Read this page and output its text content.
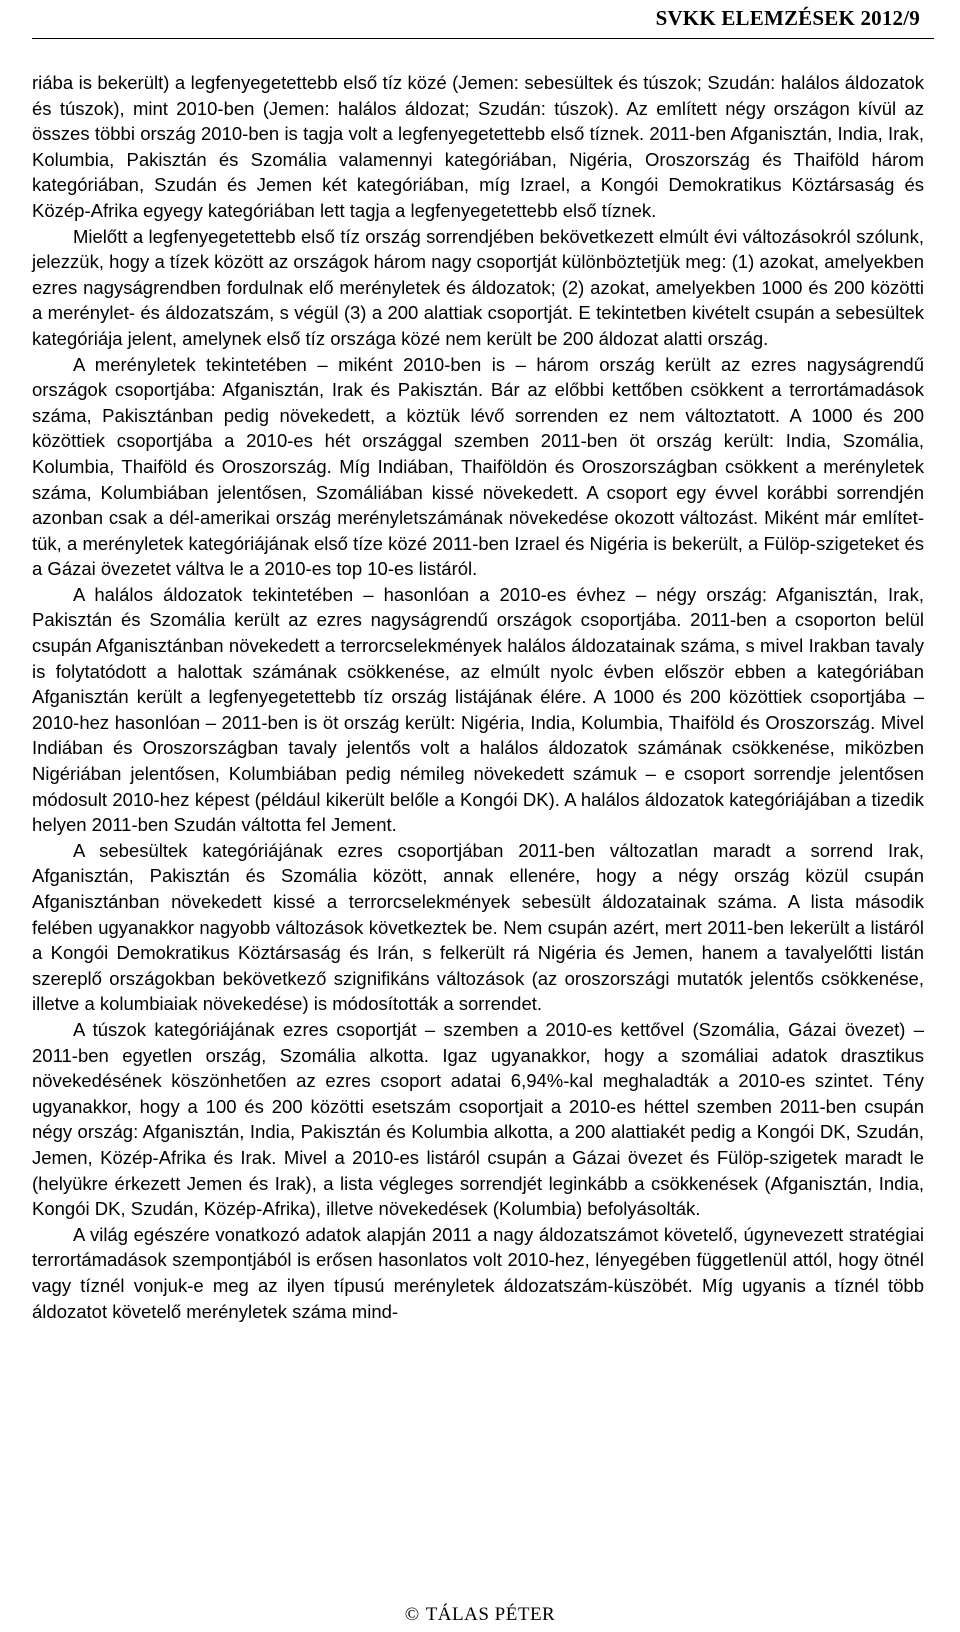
SVKK ELEMZÉSEK 2012/9

riába is bekerült) a legfenyegetettebb első tíz közé (Jemen: sebesültek és túszok; Szudán: halálos áldozatok és túszok), mint 2010-ben (Jemen: halálos áldozat; Szudán: túszok). Az említett négy országon kívül az összes többi ország 2010-ben is tagja volt a legfenyegetettebb első tíznek. 2011-ben Afganisztán, India, Irak, Kolumbia, Pakisztán és Szomália valamennyi kategóriában, Nigéria, Oroszország és Thaiföld három kategóriában, Szudán és Jemen két kategóriában, míg Izrael, a Kongói Demokratikus Köztársaság és Közép-Afrika egyegy kategóriában lett tagja a legfenyegetettebb első tíznek.

Mielőtt a legfenyegetettebb első tíz ország sorrendjében bekövetkezett elmúlt évi változásokról szólunk, jelezzük, hogy a tízek között az országok három nagy csoportját különböztetjük meg: (1) azokat, amelyekben ezres nagyságrendben fordulnak elő merényletek és áldozatok; (2) azokat, amelyekben 1000 és 200 közötti a merénylet- és áldozatszám, s végül (3) a 200 alattiak csoportját. E tekintetben kivételt csupán a sebesültek kategóriája jelent, amelynek első tíz országa közé nem került be 200 áldozat alatti ország.

A merényletek tekintetében – miként 2010-ben is – három ország került az ezres nagyságrendű országok csoportjába: Afganisztán, Irak és Pakisztán. Bár az előbbi kettőben csökkent a terrortámadások száma, Pakisztánban pedig növekedett, a köztük lévő sorrenden ez nem változtatott. A 1000 és 200 közöttiek csoportjába a 2010-es hét országgal szemben 2011-ben öt ország került: India, Szomália, Kolumbia, Thaiföld és Oroszország. Míg Indiában, Thaiföldön és Oroszországban csökkent a merényletek száma, Kolumbiában jelentősen, Szomáliában kissé növekedett. A csoport egy évvel korábbi sorrendjén azonban csak a dél-amerikai ország merényletszámának növekedése okozott változást. Miként már említettük, a merényletek kategóriájának első tíze közé 2011-ben Izrael és Nigéria is bekerült, a Fülöp-szigeteket és a Gázai övezetet váltva le a 2010-es top 10-es listáról.

A halálos áldozatok tekintetében – hasonlóan a 2010-es évhez – négy ország: Afganisztán, Irak, Pakisztán és Szomália került az ezres nagyságrendű országok csoportjába. 2011-ben a csoporton belül csupán Afganisztánban növekedett a terrorcselekmények halálos áldozatainak száma, s mivel Irakban tavaly is folytatódott a halottak számának csökkenése, az elmúlt nyolc évben először ebben a kategóriában Afganisztán került a legfenyegetettebb tíz ország listájának élére. A 1000 és 200 közöttiek csoportjába – 2010-hez hasonlóan – 2011-ben is öt ország került: Nigéria, India, Kolumbia, Thaiföld és Oroszország. Mivel Indiában és Oroszországban tavaly jelentős volt a halálos áldozatok számának csökkenése, miközben Nigériában jelentősen, Kolumbiában pedig némileg növekedett számuk – e csoport sorrendje jelentősen módosult 2010-hez képest (például kikerült belőle a Kongói DK). A halálos áldozatok kategóriájában a tizedik helyen 2011-ben Szudán váltotta fel Jement.

A sebesültek kategóriájának ezres csoportjában 2011-ben változatlan maradt a sorrend Irak, Afganisztán, Pakisztán és Szomália között, annak ellenére, hogy a négy ország közül csupán Afganisztánban növekedett kissé a terrorcselekmények sebesült áldozatainak száma. A lista második felében ugyanakkor nagyobb változások következtek be. Nem csupán azért, mert 2011-ben lekerült a listáról a Kongói Demokratikus Köztársaság és Irán, s felkerült rá Nigéria és Jemen, hanem a tavalyelőtti listán szereplő országokban bekövetkező szignifikáns változások (az oroszországi mutatók jelentős csökkenése, illetve a kolumbiaiak növekedése) is módosították a sorrendet.

A túszok kategóriájának ezres csoportját – szemben a 2010-es kettővel (Szomália, Gázai övezet) – 2011-ben egyetlen ország, Szomália alkotta. Igaz ugyanakkor, hogy a szomáliai adatok drasztikus növekedésének köszönhetően az ezres csoport adatai 6,94%-kal meghaladták a 2010-es szintet. Tény ugyanakkor, hogy a 100 és 200 közötti esetszám csoportjait a 2010-es héttel szemben 2011-ben csupán négy ország: Afganisztán, India, Pakisztán és Kolumbia alkotta, a 200 alattiakét pedig a Kongói DK, Szudán, Jemen, Közép-Afrika és Irak. Mivel a 2010-es listáról csupán a Gázai övezet és Fülöp-szigetek maradt le (helyükre érkezett Jemen és Irak), a lista végleges sorrendjét leginkább a csökkenések (Afganisztán, India, Kongói DK, Szudán, Közép-Afrika), illetve növekedések (Kolumbia) befolyásolták.

A világ egészére vonatkozó adatok alapján 2011 a nagy áldozatszámot követelő, úgynevezett stratégiai terrortámadások szempontjából is erősen hasonlatos volt 2010-hez, lényegében függetlenül attól, hogy ötnél vagy tíznél vonjuk-e meg az ilyen típusú merényletek áldozatszám-küszöbét. Míg ugyanis a tíznél több áldozatot követelő merényletek száma mind-

© TÁLAS PÉTER
